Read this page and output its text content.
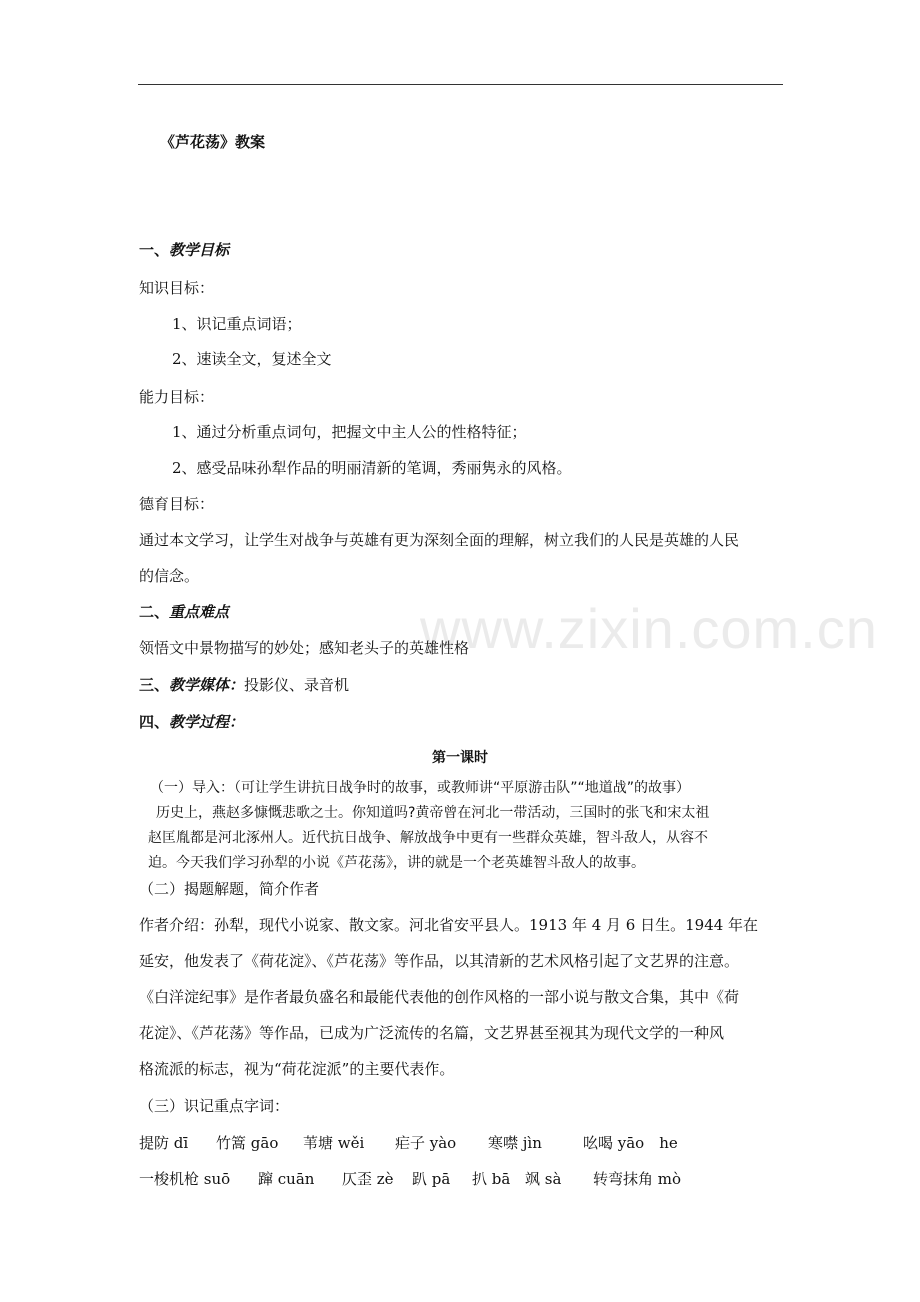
www.zixin.com.cn
《芦花荡》教案
一、教学目标
知识目标：
1、识记重点词语；
2、速读全文，复述全文
能力目标：
1、通过分析重点词句，把握文中主人公的性格特征；
2、感受品味孙犁作品的明丽清新的笔调，秀丽隽永的风格。
德育目标：
通过本文学习，让学生对战争与英雄有更为深刻全面的理解，树立我们的人民是英雄的人民
的信念。
二、重点难点
领悟文中景物描写的妙处；感知老头子的英雄性格
三、教学媒体：投影仪、录音机
四、教学过程：
第一课时
（一）导入：（可让学生讲抗日战争时的故事，或教师讲“平原游击队”“地道战”的故事）
历史上，燕赵多慷慨悲歌之士。你知道吗?黄帝曾在河北一带活动，三国时的张飞和宋太祖
赵匡胤都是河北涿州人。近代抗日战争、解放战争中更有一些群众英雄，智斗敌人，从容不
迫。今天我们学习孙犁的小说《芦花荡》，讲的就是一个老英雄智斗敌人的故事。
（二）揭题解题，简介作者
作者介绍：孙犁，现代小说家、散文家。河北省安平县人。1913 年 4 月 6 日生。1944 年在
延安，他发表了《荷花淀》、《芦花荡》等作品，以其清新的艺术风格引起了文艺界的注意。
《白洋淀纪事》是作者最负盛名和最能代表他的创作风格的一部小说与散文合集，其中《荷
花淀》、《芦花荡》等作品，已成为广泛流传的名篇，文艺界甚至视其为现代文学的一种风
格流派的标志，视为“荷花淀派”的主要代表作。
（三）识记重点字词：
提防 dī 竹篙 gāo 苇塘 wěi 疟子 yào 寒噤 jìn	吆喝 yāo　he
一梭机枪 suō 蹿 cuān 仄歪 zè 趴 pā 扒 bā 飒 sà 转弯抹角 mò
